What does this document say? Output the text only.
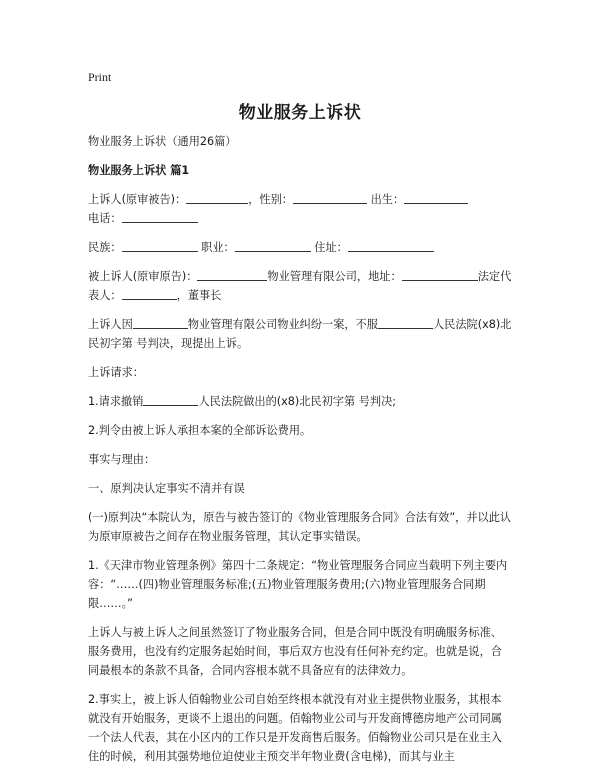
Print
物业服务上诉状

物业服务上诉状（通用26篇）

物业服务上诉状 篇1

上诉人(原审被告)：	，性别：	出生：
电话：

民族：	职业：	住址：

被上诉人(原审原告)：	物业管理有限公司，地址：	法定代表人：	，董事长

上诉人因	物业管理有限公司物业纠纷一案，不服	人民法院(x8)北民初字第 号判决，现提出上诉。

上诉请求：

1.请求撤销	人民法院做出的(x8)北民初字第 号判决;

2.判令由被上诉人承担本案的全部诉讼费用。

事实与理由：

一、原判决认定事实不清并有误

(一)原判决“本院认为，原告与被告签订的《物业管理服务合同》合法有效”，并以此认为原审原被告之间存在物业服务管理，其认定事实错误。

1.《天津市物业管理条例》第四十二条规定：“物业管理服务合同应当载明下列主要内容：“……(四)物业管理服务标准;(五)物业管理服务费用;(六)物业管理服务合同期限……。”

上诉人与被上诉人之间虽然签订了物业服务合同，但是合同中既没有明确服务标准、服务费用，也没有约定服务起始时间，事后双方也没有任何补充约定。也就是说，合同最根本的条款不具备，合同内容根本就不具备应有的法律效力。

2.事实上，被上诉人佰翰物业公司自始至终根本就没有对业主提供物业服务，其根本就没有开始服务，更谈不上退出的问题。佰翰物业公司与开发商博德房地产公司同属一个法人代表，其在小区内的工作只是开发商售后服务。佰翰物业公司只是在业主入住的时候，利用其强势地位迫使业主预交半年物业费(含电梯)，而其与业主
